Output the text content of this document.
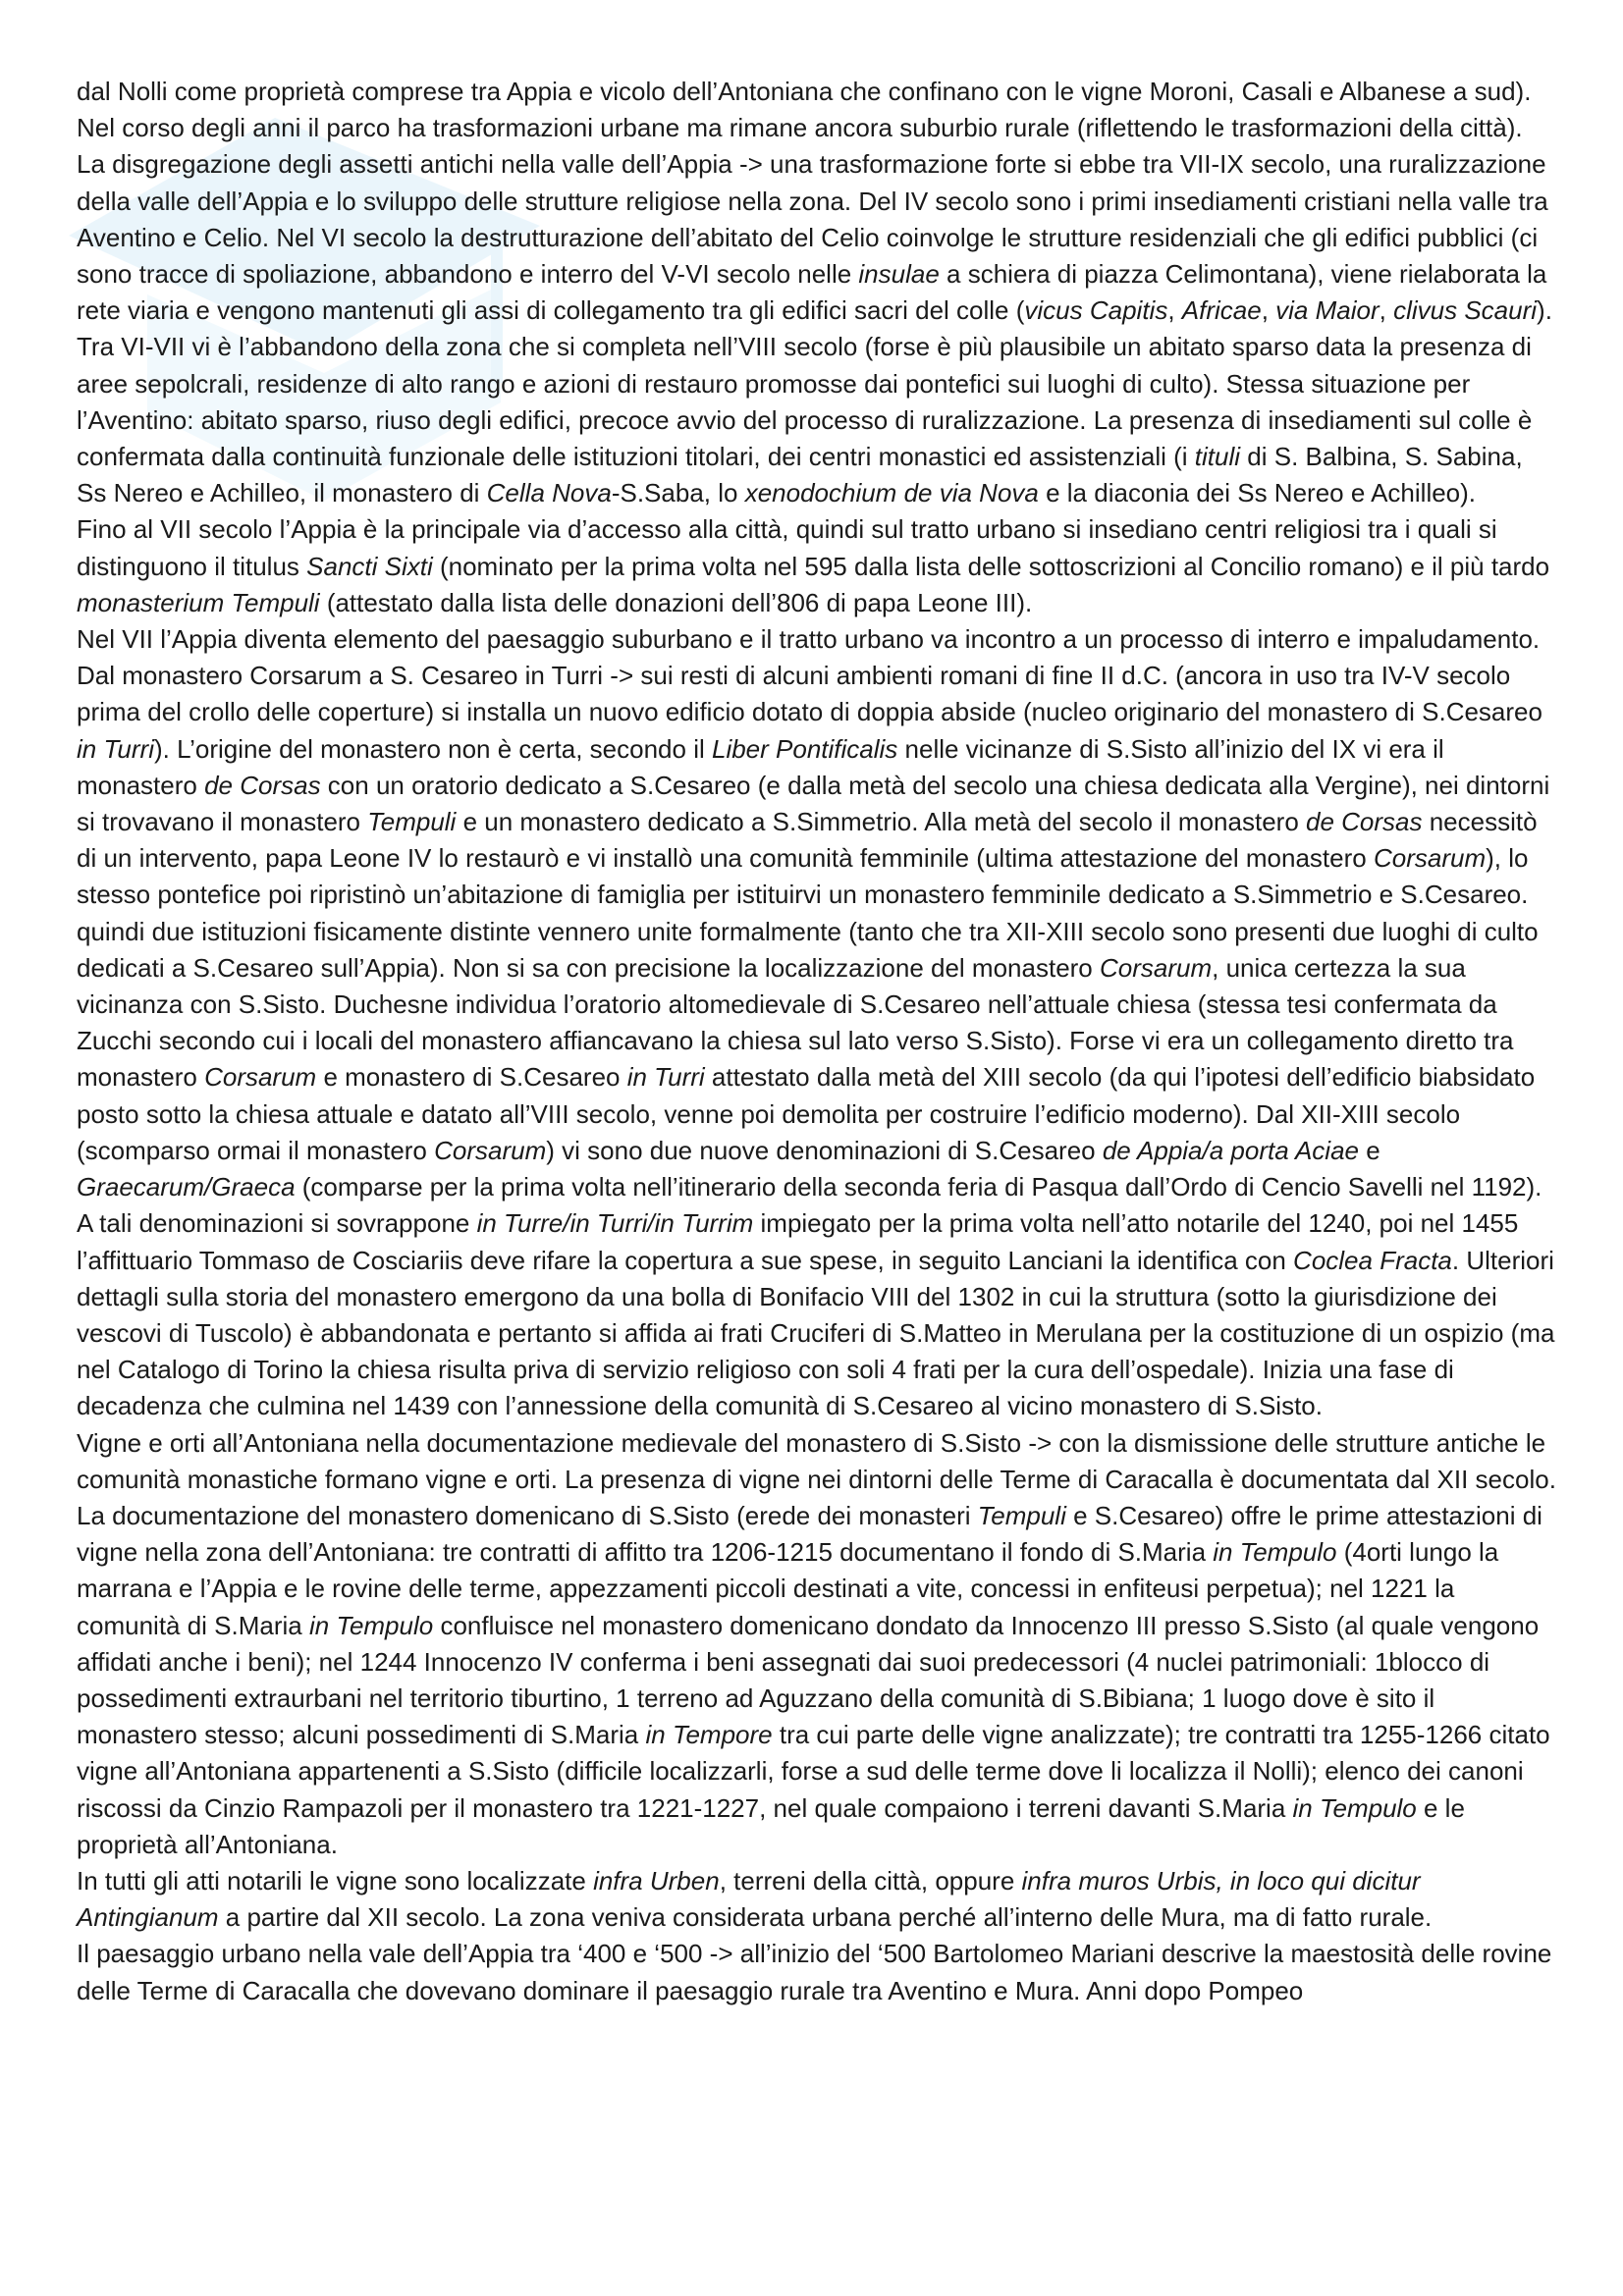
dal Nolli come proprietà comprese tra Appia e vicolo dell’Antoniana che confinano con le vigne Moroni, Casali e Albanese a sud). Nel corso degli anni il parco ha trasformazioni urbane ma rimane ancora suburbio rurale (riflettendo le trasformazioni della città).

La disgregazione degli assetti antichi nella valle dell’Appia -> una trasformazione forte si ebbe tra VII-IX secolo, una ruralizzazione della valle dell’Appia e lo sviluppo delle strutture religiose nella zona. Del IV secolo sono i primi insediamenti cristiani nella valle tra Aventino e Celio. Nel VI secolo la destrutturazione dell’abitato del Celio coinvolge le strutture residenziali che gli edifici pubblici (ci sono tracce di spoliazione, abbandono e interro del V-VI secolo nelle insulae a schiera di piazza Celimontana), viene rielaborata la rete viaria e vengono mantenuti gli assi di collegamento tra gli edifici sacri del colle (vicus Capitis, Africae, via Maior, clivus Scauri). Tra VI-VII vi è l’abbandono della zona che si completa nell’VIII secolo (forse è più plausibile un abitato sparso data la presenza di aree sepolcrali, residenze di alto rango e azioni di restauro promosse dai pontefici sui luoghi di culto). Stessa situazione per l’Aventino: abitato sparso, riuso degli edifici, precoce avvio del processo di ruralizzazione. La presenza di insediamenti sul colle è confermata dalla continuità funzionale delle istituzioni titolari, dei centri monastici ed assistenziali (i tituli di S. Balbina, S. Sabina, Ss Nereo e Achilleo, il monastero di Cella Nova-S.Saba, lo xenodochium de via Nova e la diaconia dei Ss Nereo e Achilleo).

Fino al VII secolo l’Appia è la principale via d’accesso alla città, quindi sul tratto urbano si insediano centri religiosi tra i quali si distinguono il titulus Sancti Sixti (nominato per la prima volta nel 595 dalla lista delle sottoscrizioni al Concilio romano) e il più tardo monasterium Tempuli (attestato dalla lista delle donazioni dell’806 di papa Leone III).

Nel VII l’Appia diventa elemento del paesaggio suburbano e il tratto urbano va incontro a un processo di interro e impaludamento.

Dal monastero Corsarum a S. Cesareo in Turri -> sui resti di alcuni ambienti romani di fine II d.C. (ancora in uso tra IV-V secolo prima del crollo delle coperture) si installa un nuovo edificio dotato di doppia abside (nucleo originario del monastero di S.Cesareo in Turri). L’origine del monastero non è certa, secondo il Liber Pontificalis nelle vicinanze di S.Sisto all’inizio del IX vi era il monastero de Corsas con un oratorio dedicato a S.Cesareo (e dalla metà del secolo una chiesa dedicata alla Vergine), nei dintorni si trovavano il monastero Tempuli e un monastero dedicato a S.Simmetrio. Alla metà del secolo il monastero de Corsas necessitò di un intervento, papa Leone IV lo restaurò e vi installò una comunità femminile (ultima attestazione del monastero Corsarum), lo stesso pontefice poi ripristinò un’abitazione di famiglia per istituirvi un monastero femminile dedicato a S.Simmetrio e S.Cesareo. quindi due istituzioni fisicamente distinte vennero unite formalmente (tanto che tra XII-XIII secolo sono presenti due luoghi di culto dedicati a S.Cesareo sull’Appia). Non si sa con precisione la localizzazione del monastero Corsarum, unica certezza la sua vicinanza con S.Sisto. Duchesne individua l’oratorio altomedievale di S.Cesareo nell’attuale chiesa (stessa tesi confermata da Zucchi secondo cui i locali del monastero affiancavano la chiesa sul lato verso S.Sisto). Forse vi era un collegamento diretto tra monastero Corsarum e monastero di S.Cesareo in Turri attestato dalla metà del XIII secolo (da qui l’ipotesi dell’edificio biabsidato posto sotto la chiesa attuale e datato all’VIII secolo, venne poi demolita per costruire l’edificio moderno). Dal XII-XIII secolo (scomparso ormai il monastero Corsarum) vi sono due nuove denominazioni di S.Cesareo de Appia/a porta Aciae e Graecarum/Graeca (comparse per la prima volta nell’itinerario della seconda feria di Pasqua dall’Ordo di Cencio Savelli nel 1192). A tali denominazioni si sovrappone in Turre/in Turri/in Turrim impiegato per la prima volta nell’atto notarile del 1240, poi nel 1455 l’affittuario Tommaso de Cosciariis deve rifare la copertura a sue spese, in seguito Lanciani la identifica con Coclea Fracta. Ulteriori dettagli sulla storia del monastero emergono da una bolla di Bonifacio VIII del 1302 in cui la struttura (sotto la giurisdizione dei vescovi di Tuscolo) è abbandonata e pertanto si affida ai frati Cruciferi di S.Matteo in Merulana per la costituzione di un ospizio (ma nel Catalogo di Torino la chiesa risulta priva di servizio religioso con soli 4 frati per la cura dell’ospedale). Inizia una fase di decadenza che culmina nel 1439 con l’annessione della comunità di S.Cesareo al vicino monastero di S.Sisto.

Vigne e orti all’Antoniana nella documentazione medievale del monastero di S.Sisto -> con la dismissione delle strutture antiche le comunità monastiche formano vigne e orti. La presenza di vigne nei dintorni delle Terme di Caracalla è documentata dal XII secolo. La documentazione del monastero domenicano di S.Sisto (erede dei monasteri Tempuli e S.Cesareo) offre le prime attestazioni di vigne nella zona dell’Antoniana: tre contratti di affitto tra 1206-1215 documentano il fondo di S.Maria in Tempulo (4orti lungo la marrana e l’Appia e le rovine delle terme, appezzamenti piccoli destinati a vite, concessi in enfiteusi perpetua); nel 1221 la comunità di S.Maria in Tempulo confluisce nel monastero domenicano dondato da Innocenzo III presso S.Sisto (al quale vengono affidati anche i beni); nel 1244 Innocenzo IV conferma i beni assegnati dai suoi predecessori (4 nuclei patrimoniali: 1blocco di possedimenti extraurbani nel territorio tiburtino, 1 terreno ad Aguzzano della comunità di S.Bibiana; 1 luogo dove è sito il monastero stesso; alcuni possedimenti di S.Maria in Tempore tra cui parte delle vigne analizzate); tre contratti tra 1255-1266 citato vigne all’Antoniana appartenenti a S.Sisto (difficile localizzarli, forse a sud delle terme dove li localizza il Nolli); elenco dei canoni riscossi da Cinzio Rampazoli per il monastero tra 1221-1227, nel quale compaiono i terreni davanti S.Maria in Tempulo e le proprietà all’Antoniana.

In tutti gli atti notarili le vigne sono localizzate infra Urben, terreni della città, oppure infra muros Urbis, in loco qui dicitur Antingianum a partire dal XII secolo. La zona veniva considerata urbana perché all’interno delle Mura, ma di fatto rurale.

Il paesaggio urbano nella vale dell’Appia tra ‘400 e ‘500 -> all’inizio del ‘500 Bartolomeo Mariani descrive la maestosità delle rovine delle Terme di Caracalla che dovevano dominare il paesaggio rurale tra Aventino e Mura. Anni dopo Pompeo
